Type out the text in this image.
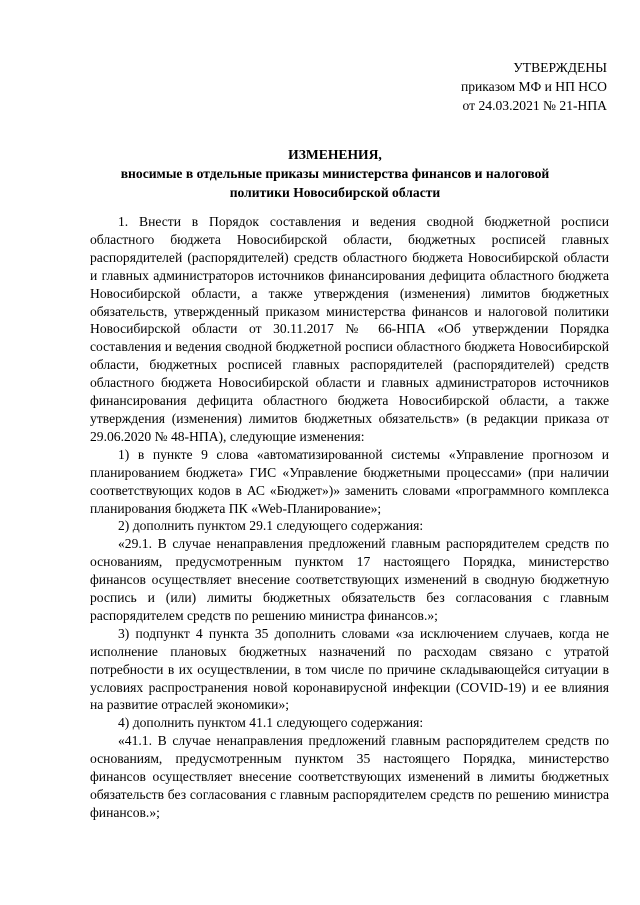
УТВЕРЖДЕНЫ
приказом МФ и НП НСО
от 24.03.2021 № 21-НПА
ИЗМЕНЕНИЯ,
вносимые в отдельные приказы министерства финансов и налоговой
политики Новосибирской области

1. Внести в Порядок составления и ведения сводной бюджетной росписи областного бюджета Новосибирской области, бюджетных росписей главных распорядителей (распорядителей) средств областного бюджета Новосибирской области и главных администраторов источников финансирования дефицита областного бюджета Новосибирской области, а также утверждения (изменения) лимитов бюджетных обязательств, утвержденный приказом министерства финансов и налоговой политики Новосибирской области от 30.11.2017 № 66-НПА «Об утверждении Порядка составления и ведения сводной бюджетной росписи областного бюджета Новосибирской области, бюджетных росписей главных распорядителей (распорядителей) средств областного бюджета Новосибирской области и главных администраторов источников финансирования дефицита областного бюджета Новосибирской области, а также утверждения (изменения) лимитов бюджетных обязательств» (в редакции приказа от 29.06.2020 № 48-НПА), следующие изменения:

1) в пункте 9 слова «автоматизированной системы «Управление прогнозом и планированием бюджета» ГИС «Управление бюджетными процессами» (при наличии соответствующих кодов в АС «Бюджет»)» заменить словами «программного комплекса планирования бюджета ПК «Web-Планирование»;

2) дополнить пунктом 29.1 следующего содержания:

«29.1. В случае ненаправления предложений главным распорядителем средств по основаниям, предусмотренным пунктом 17 настоящего Порядка, министерство финансов осуществляет внесение соответствующих изменений в сводную бюджетную роспись и (или) лимиты бюджетных обязательств без согласования с главным распорядителем средств по решению министра финансов.»;

3) подпункт 4 пункта 35 дополнить словами «за исключением случаев, когда не исполнение плановых бюджетных назначений по расходам связано с утратой потребности в их осуществлении, в том числе по причине складывающейся ситуации в условиях распространения новой коронавирусной инфекции (COVID-19) и ее влияния на развитие отраслей экономики»;

4) дополнить пунктом 41.1 следующего содержания:

«41.1. В случае ненаправления предложений главным распорядителем средств по основаниям, предусмотренным пунктом 35 настоящего Порядка, министерство финансов осуществляет внесение соответствующих изменений в лимиты бюджетных обязательств без согласования с главным распорядителем средств по решению министра финансов.»;
